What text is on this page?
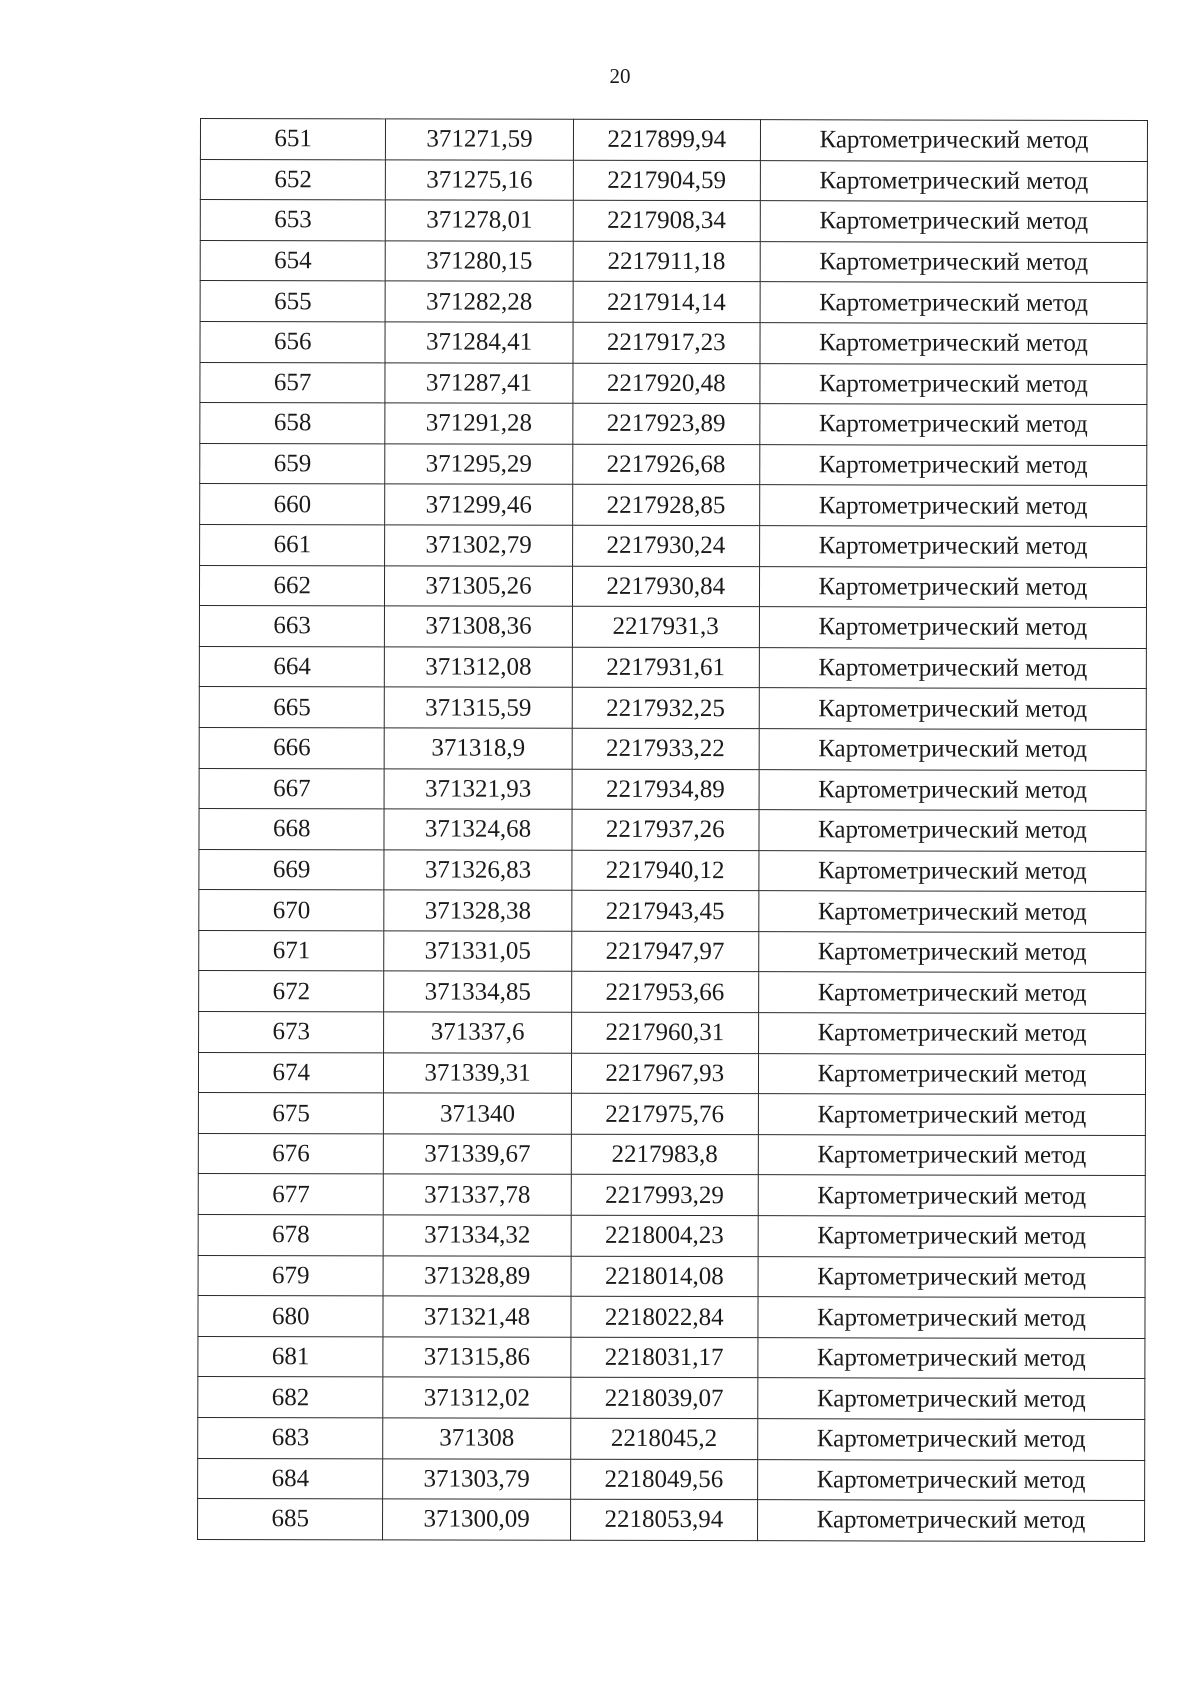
20
651	371271,59	2217899,94	Картометрический метод
652	371275,16	2217904,59	Картометрический метод
653	371278,01	2217908,34	Картометрический метод
654	371280,15	2217911,18	Картометрический метод
655	371282,28	2217914,14	Картометрический метод
656	371284,41	2217917,23	Картометрический метод
657	371287,41	2217920,48	Картометрический метод
658	371291,28	2217923,89	Картометрический метод
659	371295,29	2217926,68	Картометрический метод
660	371299,46	2217928,85	Картометрический метод
661	371302,79	2217930,24	Картометрический метод
662	371305,26	2217930,84	Картометрический метод
663	371308,36	2217931,3	Картометрический метод
664	371312,08	2217931,61	Картометрический метод
665	371315,59	2217932,25	Картометрический метод
666	371318,9	2217933,22	Картометрический метод
667	371321,93	2217934,89	Картометрический метод
668	371324,68	2217937,26	Картометрический метод
669	371326,83	2217940,12	Картометрический метод
670	371328,38	2217943,45	Картометрический метод
671	371331,05	2217947,97	Картометрический метод
672	371334,85	2217953,66	Картометрический метод
673	371337,6	2217960,31	Картометрический метод
674	371339,31	2217967,93	Картометрический метод
675	371340	2217975,76	Картометрический метод
676	371339,67	2217983,8	Картометрический метод
677	371337,78	2217993,29	Картометрический метод
678	371334,32	2218004,23	Картометрический метод
679	371328,89	2218014,08	Картометрический метод
680	371321,48	2218022,84	Картометрический метод
681	371315,86	2218031,17	Картометрический метод
682	371312,02	2218039,07	Картометрический метод
683	371308	2218045,2	Картометрический метод
684	371303,79	2218049,56	Картометрический метод
685	371300,09	2218053,94	Картометрический метод
